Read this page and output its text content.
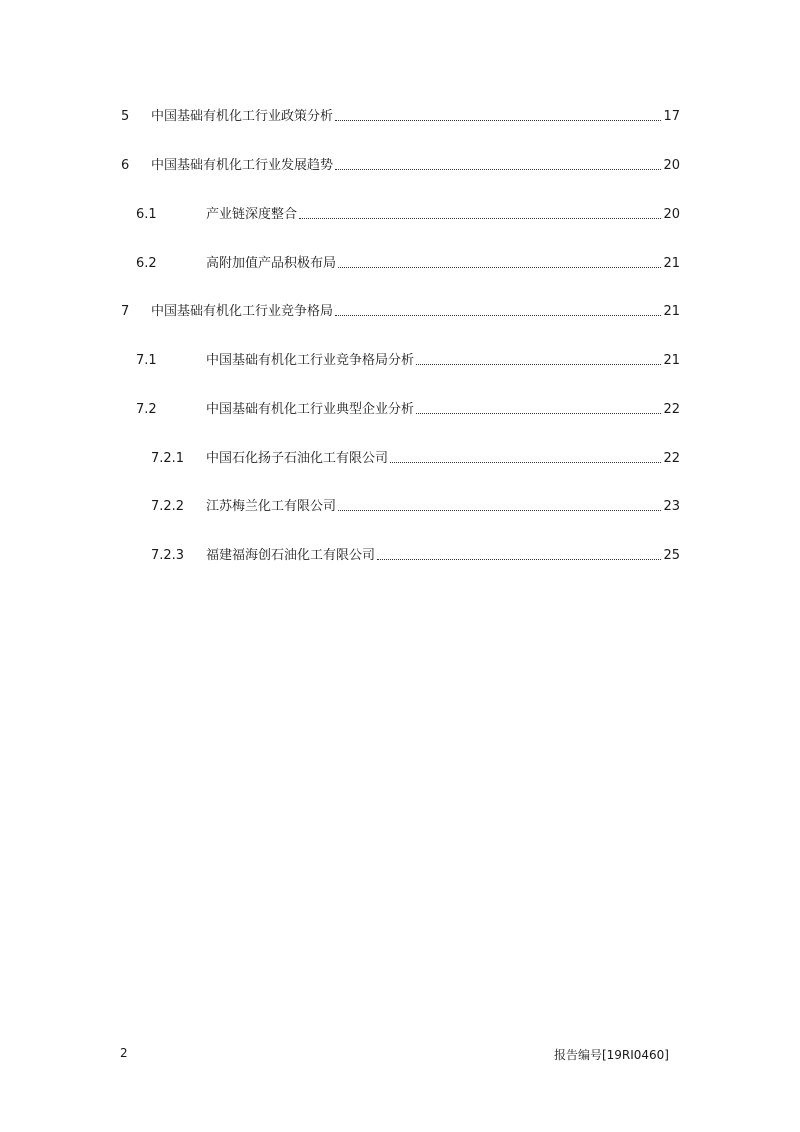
5 中国基础有机化工行业政策分析	17
6 中国基础有机化工行业发展趋势	20
6.1	产业链深度整合	20
6.2	高附加值产品积极布局	21
7 中国基础有机化工行业竞争格局	21
7.1	中国基础有机化工行业竞争格局分析	21
7.2	中国基础有机化工行业典型企业分析	22
7.2.1 中国石化扬子石油化工有限公司	22
7.2.2 江苏梅兰化工有限公司	23
7.2.3 福建福海创石油化工有限公司	25
2	报告编号[19RI0460]
